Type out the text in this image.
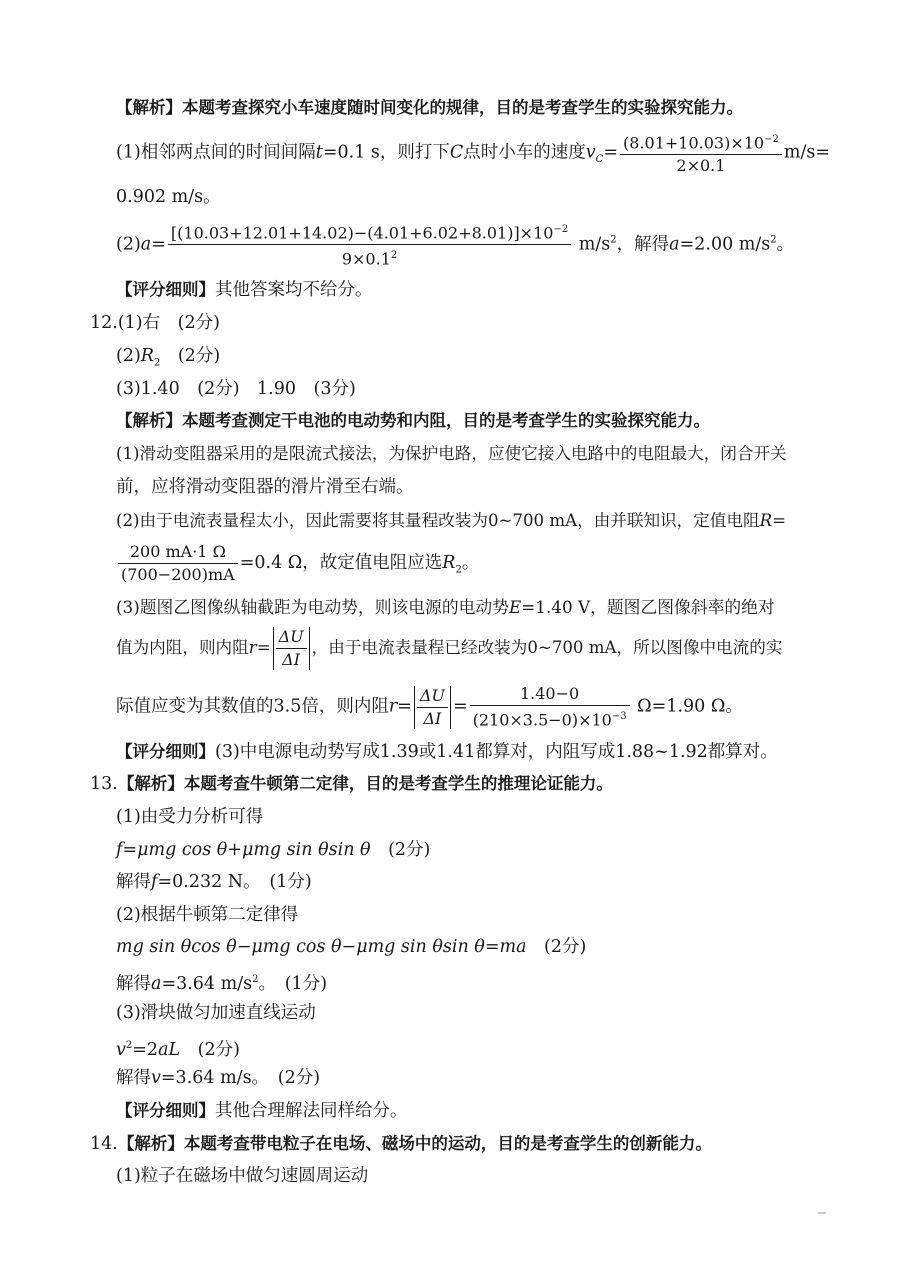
【解析】本题考查探究小车速度随时间变化的规律，目的是考查学生的实验探究能力。
(1)相邻两点间的时间间隔t=0.1 s，则打下C点时小车的速度$v_C= \frac{(8.01+10.03)\times 10^{-2}}{2\times 0.1} m/s=$
0.902 m/s。
$(2)a= \frac{[(10.03+12.01+14.02)-(4.01+6.02+8.01)]\times 10^{-2}}{9\times 0.1^2} m/s^2$，解得a=2.00 $m/s^2$。
【评分细则】其他答案均不给分。
12.(1)右　(2分)
$(2)R_2$　(2分)
(3)1.40　(2分)　1.90　(3分)
【解析】本题考查测定干电池的电动势和内阻，目的是考查学生的实验探究能力。
(1)滑动变阻器采用的是限流式接法，为保护电路，应使它接入电路中的电阻最大，闭合开关
前，应将滑动变阻器的滑片滑至右端。
(2)由于电流表量程太小，因此需要将其量程改装为0~700 mA，由并联知识，定值电阻R=
$\frac{200 mA\cdot 1 \Omega}{(700-200)mA} =0.4$ Ω，故定值电阻应选$R_2$。
(3)题图乙图像纵轴截距为电动势，则该电源的电动势E=1.40 V，题图乙图像斜率的绝对
值为内阻，则内阻$r= \frac{\Delta U}{\Delta I}$ ，由于电流表量程已经改装为0~700 mA，所以图像中电流的实
际值应变为其数值的3.5倍，则内阻$r= \frac{\Delta U}{\Delta I} = \frac{1.40-0}{(210\times 3.5-0)\times 10^{-3}} \Omega=1.90$ Ω。
【评分细则】(3)中电源电动势写成1.39或1.41都算对，内阻写成1.88~1.92都算对。
13.【解析】本题考查牛顿第二定律，目的是考查学生的推理论证能力。
(1)由受力分析可得
f=μmg cos θ+μmg sin θsin θ　(2分)
解得f=0.232 N。　(1分)
(2)根据牛顿第二定律得
mg sin θcos θ−μmg cos θ−μmg sin θsin θ=ma　(2分)
解得a=3.64 $m/s^2$。　(1分)
(3)滑块做匀加速直线运动
$v^2=2aL$　(2分)
解得v=3.64 m/s。　(2分)
【评分细则】其他合理解法同样给分。
14.【解析】本题考查带电粒子在电场、磁场中的运动，目的是考查学生的创新能力。
(1)粒子在磁场中做匀速圆周运动
